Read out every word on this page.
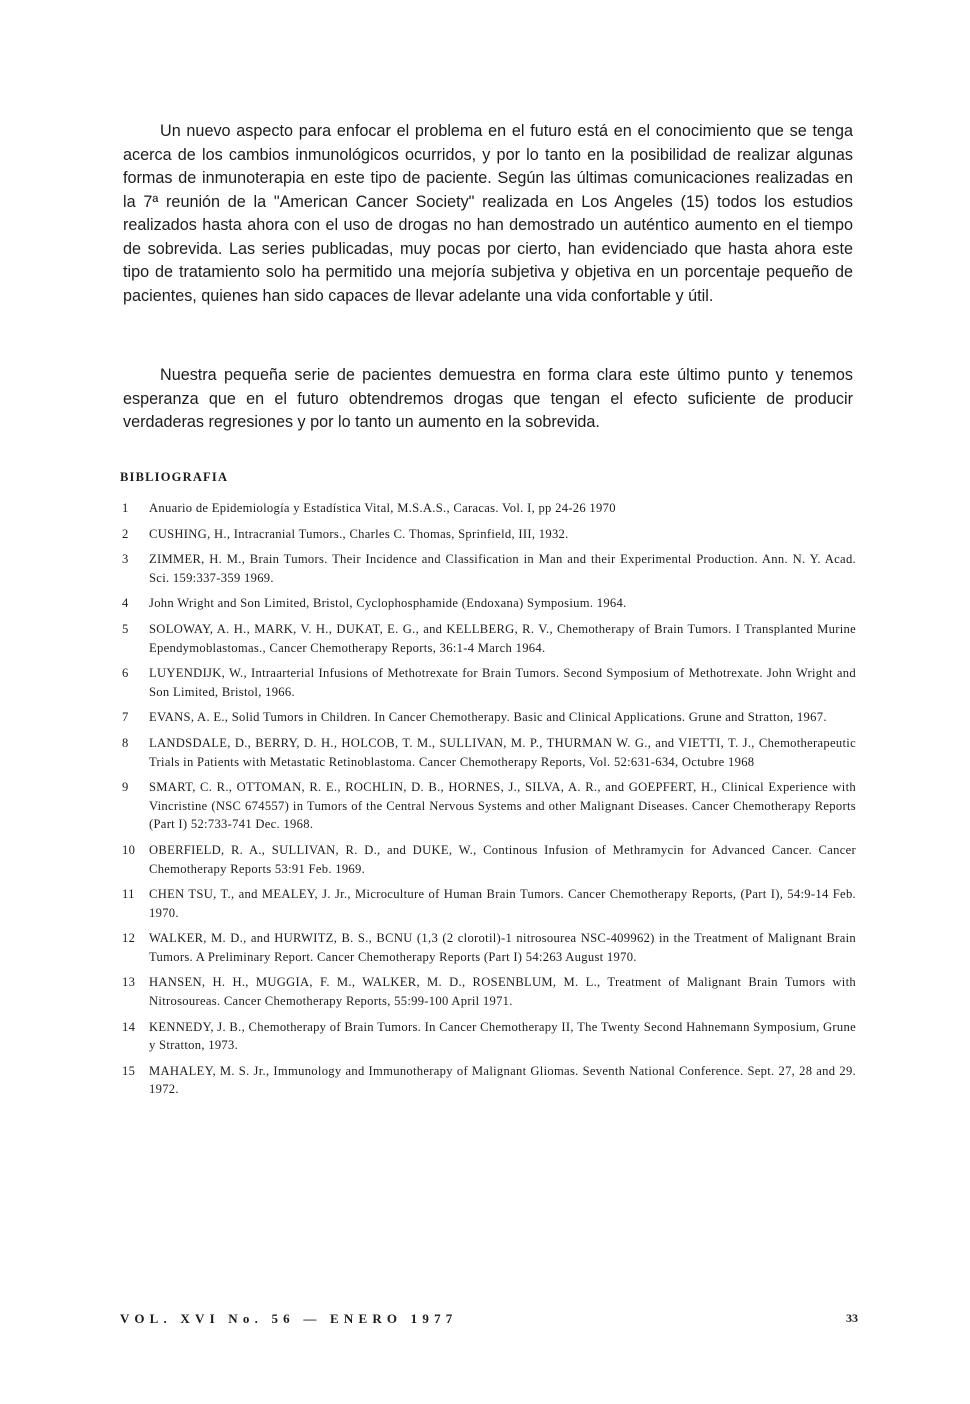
Un nuevo aspecto para enfocar el problema en el futuro está en el conocimiento que se tenga acerca de los cambios inmunológicos ocurridos, y por lo tanto en la posibilidad de realizar algunas formas de inmunoterapia en este tipo de paciente. Según las últimas comunicaciones realizadas en la 7ª reunión de la "American Cancer Society" realizada en Los Angeles (15) todos los estudios realizados hasta ahora con el uso de drogas no han demostrado un auténtico aumento en el tiempo de sobrevida. Las series publicadas, muy pocas por cierto, han evidenciado que hasta ahora este tipo de tratamiento solo ha permitido una mejoría subjetiva y objetiva en un porcentaje pequeño de pacientes, quienes han sido capaces de llevar adelante una vida confortable y útil.

Nuestra pequeña serie de pacientes demuestra en forma clara este último punto y tenemos esperanza que en el futuro obtendremos drogas que tengan el efecto suficiente de producir verdaderas regresiones y por lo tanto un aumento en la sobrevida.

BIBLIOGRAFIA
1	Anuario de Epidemiología y Estadística Vital, M.S.A.S., Caracas. Vol. I, pp 24-26 1970
2	CUSHING, H., Intracranial Tumors., Charles C. Thomas, Sprinfield, III, 1932.
3	ZIMMER, H. M., Brain Tumors. Their Incidence and Classification in Man and their Experimental Production. Ann. N. Y. Acad. Sci. 159:337-359 1969.
4	John Wright and Son Limited, Bristol, Cyclophosphamide (Endoxana) Symposium. 1964.
5	SOLOWAY, A. H., MARK, V. H., DUKAT, E. G., and KELLBERG, R. V., Chemotherapy of Brain Tumors. I Transplanted Murine Ependymoblastomas., Cancer Chemotherapy Reports, 36:1-4 March 1964.
6	LUYENDIJK, W., Intraarterial Infusions of Methotrexate for Brain Tumors. Second Symposium of Methotrexate. John Wright and Son Limited, Bristol, 1966.
7	EVANS, A. E., Solid Tumors in Children. In Cancer Chemotherapy. Basic and Clinical Applications. Grune and Stratton, 1967.
8	LANDSDALE, D., BERRY, D. H., HOLCOB, T. M., SULLIVAN, M. P., THURMAN W. G., and VIETTI, T. J., Chemotherapeutic Trials in Patients with Metastatic Retinoblastoma. Cancer Chemotherapy Reports, Vol. 52:631-634, Octubre 1968
9	SMART, C. R., OTTOMAN, R. E., ROCHLIN, D. B., HORNES, J., SILVA, A. R., and GOEPFERT, H., Clinical Experience with Vincristine (NSC 674557) in Tumors of the Central Nervous Systems and other Malignant Diseases. Cancer Chemotherapy Reports (Part I) 52:733-741 Dec. 1968.
10	OBERFIELD, R. A., SULLIVAN, R. D., and DUKE, W., Continous Infusion of Methramycin for Advanced Cancer. Cancer Chemotherapy Reports 53:91 Feb. 1969.
11	CHEN TSU, T., and MEALEY, J. Jr., Microculture of Human Brain Tumors. Cancer Chemotherapy Reports, (Part I), 54:9-14 Feb. 1970.
12	WALKER, M. D., and HURWITZ, B. S., BCNU (1,3 (2 clorotil)-1 nitrosourea NSC-409962) in the Treatment of Malignant Brain Tumors. A Preliminary Report. Cancer Chemotherapy Reports (Part I) 54:263 August 1970.
13	HANSEN, H. H., MUGGIA, F. M., WALKER, M. D., ROSENBLUM, M. L., Treatment of Malignant Brain Tumors with Nitrosoureas. Cancer Chemotherapy Reports, 55:99-100 April 1971.
14	KENNEDY, J. B., Chemotherapy of Brain Tumors. In Cancer Chemotherapy II, The Twenty Second Hahnemann Symposium, Grune y Stratton, 1973.
15	MAHALEY, M. S. Jr., Immunology and Immunotherapy of Malignant Gliomas. Seventh National Conference. Sept. 27, 28 and 29. 1972.
VOL. XVI No. 56 — ENERO 1977	33
